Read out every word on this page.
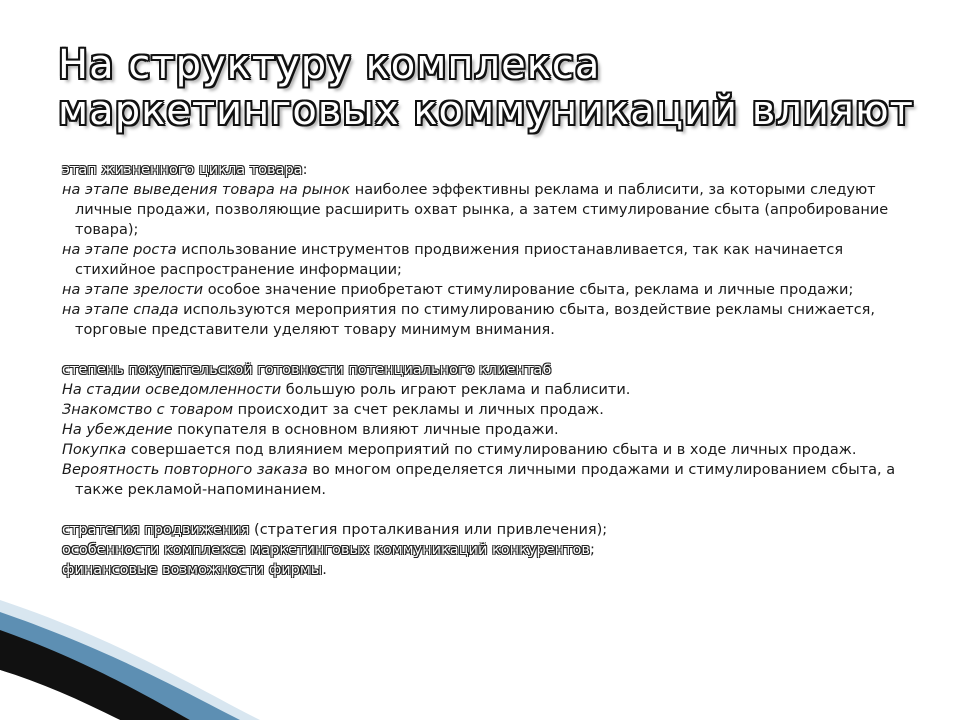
На структуру комплекса
маркетинговых коммуникаций влияют

этап жизненного цикла товара:

на этапе выведения товара на рынок наиболее эффективны реклама и паблисити, за которыми следуют личные продажи, позволяющие расширить охват рынка, а затем стимулирование сбыта (апробирование товара);

на этапе роста использование инструментов продвижения приостанавливается, так как начинается стихийное распространение информации;

на этапе зрелости особое значение приобретают стимулирование сбыта, реклама и личные продажи;

на этапе спада используются мероприятия по стимулированию сбыта, воздействие рекламы снижается, торговые представители уделяют товару минимум внимания.

степень покупательской готовности потенциального клиента6

На стадии осведомленности большую роль играют реклама и паблисити.

Знакомство с товаром происходит за счет рекламы и личных продаж.

На убеждение покупателя в основном влияют личные продажи.

Покупка совершается под влиянием мероприятий по стимулированию сбыта и в ходе личных продаж.

Вероятность повторного заказа во многом определяется личными продажами и стимулированием сбыта, а также рекламой-напоминанием.

стратегия продвижения (стратегия проталкивания или привлечения);

особенности комплекса маркетинговых коммуникаций конкурентов;

финансовые возможности фирмы.
